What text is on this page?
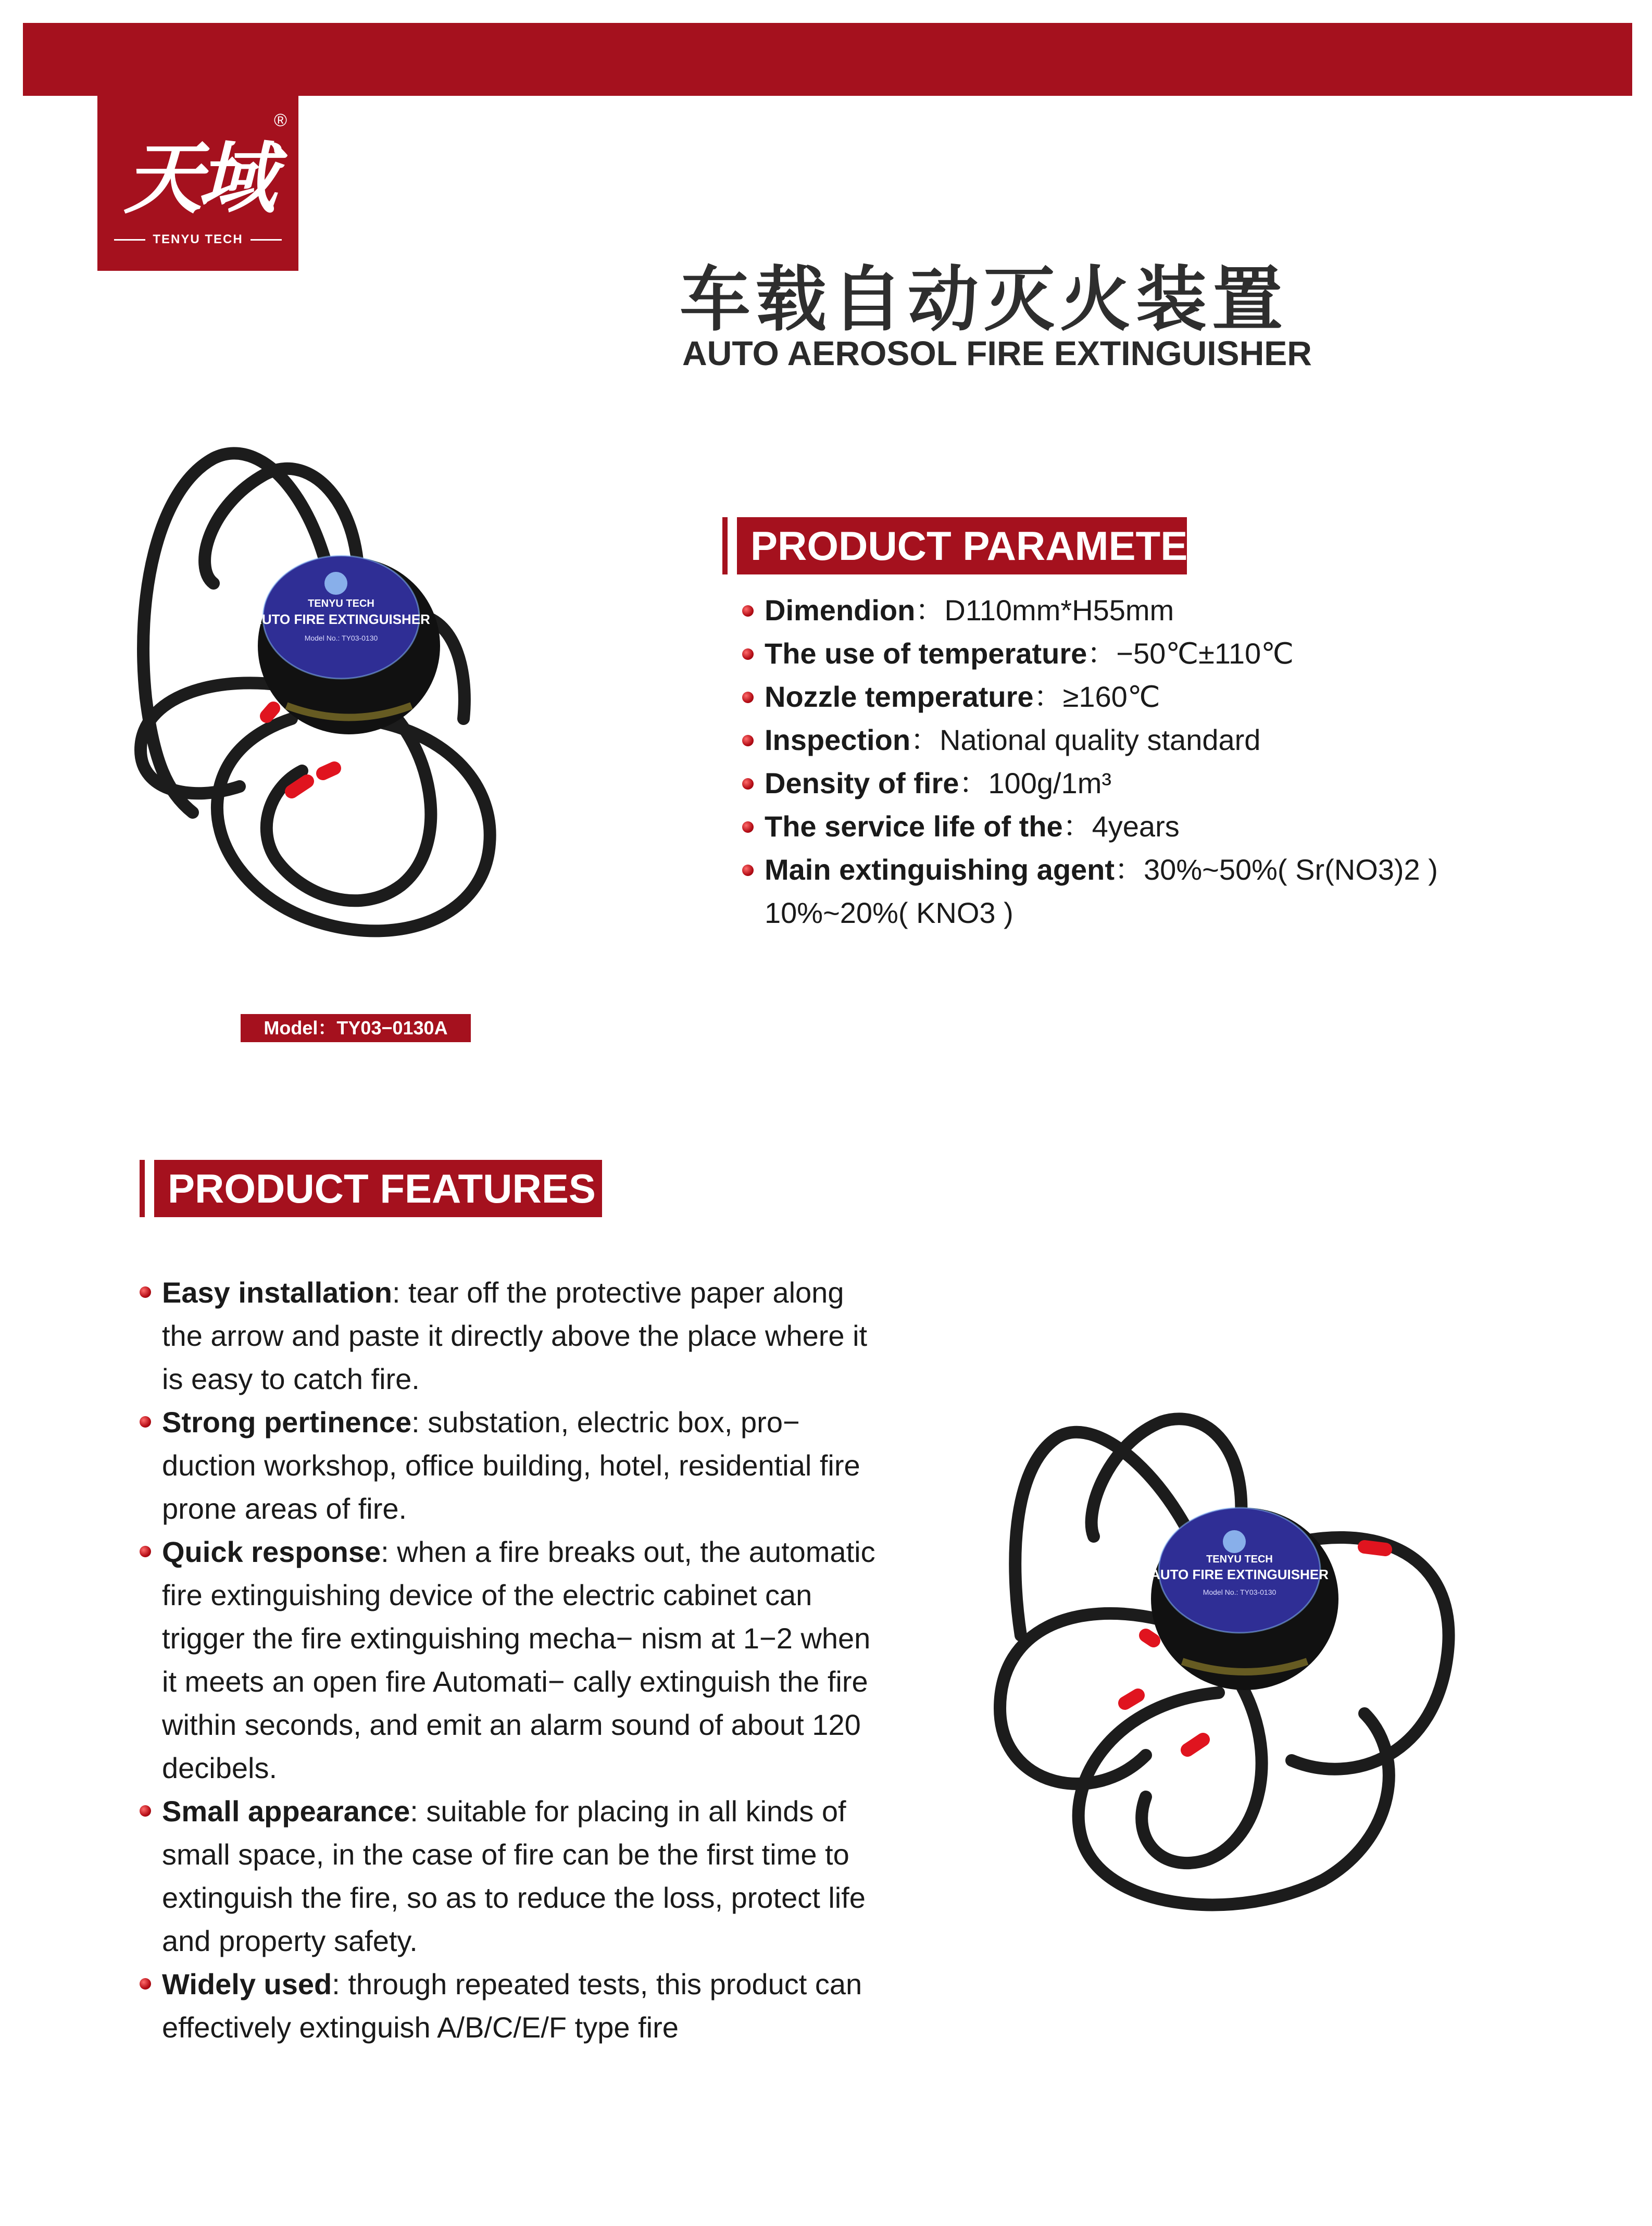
天域
®
TENYU TECH
车载自动灭火装置
AUTO AEROSOL FIRE EXTINGUISHER
TENYU TECH
AUTO FIRE EXTINGUISHER
Model No.: TY03-0130
PRODUCT PARAMETERS
Dimendion：D110mm*H55mm
The use of temperature：−50℃±110℃
Nozzle temperature：≥160℃
Inspection：National quality standard
Density of fire：100g/1m³
The service life of the：4years
Main extinguishing agent：30%~50%( Sr(NO3)2 )
10%~20%( KNO3 )
Model：TY03−0130A
PRODUCT FEATURES
Easy installation: tear off the protective paper along the arrow and paste it directly above the place where it is easy to catch fire.
Strong pertinence: substation, electric box, pro− duction workshop, office building, hotel, residential fire prone areas of fire.
Quick response: when a fire breaks out, the automatic fire extinguishing device of the electric cabinet can trigger the fire extinguishing mecha− nism at 1−2 when it meets an open fire Automati− cally extinguish the fire within seconds, and emit an alarm sound of about 120 decibels.
Small appearance: suitable for placing in all kinds of small space, in the case of fire can be the first time to extinguish the fire, so as to reduce the loss, protect life and property safety.
Widely used: through repeated tests, this product can effectively extinguish A/B/C/E/F type fire
TENYU TECH
AUTO FIRE EXTINGUISHER
Model No.: TY03-0130
